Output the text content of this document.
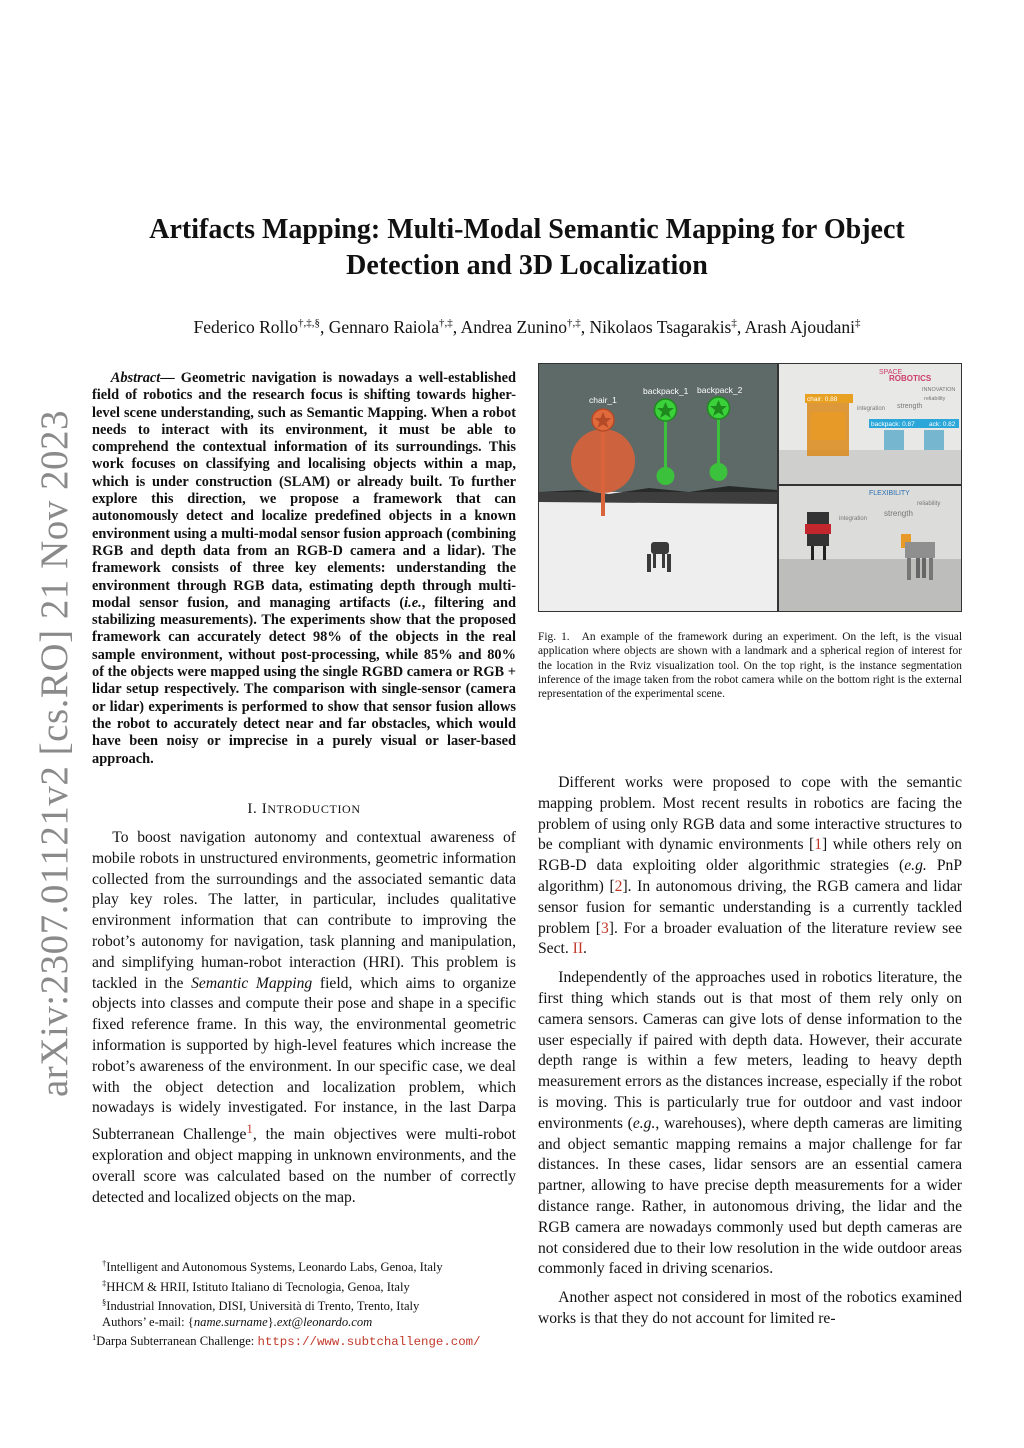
arXiv:2307.01121v2 [cs.RO] 21 Nov 2023
Artifacts Mapping: Multi-Modal Semantic Mapping for Object
Detection and 3D Localization
Federico Rollo†,‡,§, Gennaro Raiola†,‡, Andrea Zunino†,‡, Nikolaos Tsagarakis‡, Arash Ajoudani‡

Abstract— Geometric navigation is nowadays a well-established field of robotics and the research focus is shifting towards higher-level scene understanding, such as Semantic Mapping. When a robot needs to interact with its environment, it must be able to comprehend the contextual information of its surroundings. This work focuses on classifying and localising objects within a map, which is under construction (SLAM) or already built. To further explore this direction, we propose a framework that can autonomously detect and localize predefined objects in a known environment using a multi-modal sensor fusion approach (combining RGB and depth data from an RGB-D camera and a lidar). The framework consists of three key elements: understanding the environment through RGB data, estimating depth through multi-modal sensor fusion, and managing artifacts (i.e., filtering and stabilizing measurements). The experiments show that the proposed framework can accurately detect 98% of the objects in the real sample environment, without post-processing, while 85% and 80% of the objects were mapped using the single RGBD camera or RGB + lidar setup respectively. The comparison with single-sensor (camera or lidar) experiments is performed to show that sensor fusion allows the robot to accurately detect near and far obstacles, which would have been noisy or imprecise in a purely visual or laser-based approach.

I. INTRODUCTION

To boost navigation autonomy and contextual awareness of mobile robots in unstructured environments, geometric information collected from the surroundings and the associated semantic data play key roles. The latter, in particular, includes qualitative environment information that can contribute to improving the robot’s autonomy for navigation, task planning and manipulation, and simplifying human-robot interaction (HRI). This problem is tackled in the Semantic Mapping field, which aims to organize objects into classes and compute their pose and shape in a specific fixed reference frame. In this way, the environmental geometric information is supported by high-level features which increase the robot’s awareness of the environment. In our specific case, we deal with the object detection and localization problem, which nowadays is widely investigated. For instance, in the last Darpa Subterranean Challenge$^1$, the main objectives were multi-robot exploration and object mapping in unknown environments, and the overall score was calculated based on the number of correctly detected and localized objects on the map.

†Intelligent and Autonomous Systems, Leonardo Labs, Genoa, Italy
‡HHCM & HRII, Istituto Italiano di Tecnologia, Genoa, Italy
§Industrial Innovation, DISI, Università di Trento, Trento, Italy
Authors’ e-mail: {name.surname}.ext@leonardo.com
$^1$Darpa Subterranean Challenge: https://www.subtchallenge.com/
chair_1
backpack_1 backpack_2
SPACE
ROBOTICS
INNOVATION
reliability
strength
integration
chair: 0.88
backpack: 0.87 ack: 0.82
FLEXIBILITY
reliability
strength
integration
Fig. 1. An example of the framework during an experiment. On the left, is the visual application where objects are shown with a landmark and a spherical region of interest for the location in the Rviz visualization tool. On the top right, is the instance segmentation inference of the image taken from the robot camera while on the bottom right is the external representation of the experimental scene.

Different works were proposed to cope with the semantic mapping problem. Most recent results in robotics are facing the problem of using only RGB data and some interactive structures to be compliant with dynamic environments [1] while others rely on RGB-D data exploiting older algorithmic strategies (e.g. PnP algorithm) [2]. In autonomous driving, the RGB camera and lidar sensor fusion for semantic understanding is a currently tackled problem [3]. For a broader evaluation of the literature review see Sect. II.

Independently of the approaches used in robotics literature, the first thing which stands out is that most of them rely only on camera sensors. Cameras can give lots of dense information to the user especially if paired with depth data. However, their accurate depth range is within a few meters, leading to heavy depth measurement errors as the distances increase, especially if the robot is moving. This is particularly true for outdoor and vast indoor environments (e.g., warehouses), where depth cameras are limiting and object semantic mapping remains a major challenge for far distances. In these cases, lidar sensors are an essential camera partner, allowing to have precise depth measurements for a wider distance range. Rather, in autonomous driving, the lidar and the RGB camera are nowadays commonly used but depth cameras are not considered due to their low resolution in the wide outdoor areas commonly faced in driving scenarios.

Another aspect not considered in most of the robotics examined works is that they do not account for limited re-
